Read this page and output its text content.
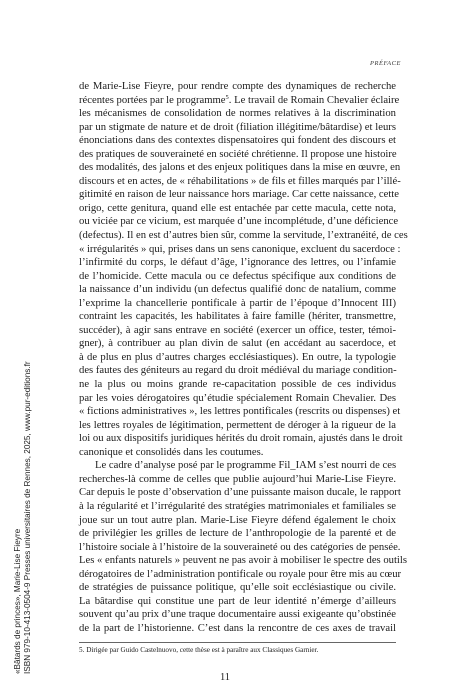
PRÉFACE
de Marie-Lise Fieyre, pour rendre compte des dynamiques de recherche
récentes portées par le programme$^5$. Le travail de Romain Chevalier éclaire
les mécanismes de consolidation de normes relatives à la discrimination
par un stigmate de nature et de droit (filiation illégitime/bâtardise) et leurs
énonciations dans des contextes dispensatoires qui fondent des discours et
des pratiques de souveraineté en société chrétienne. Il propose une histoire
des modalités, des jalons et des enjeux politiques dans la mise en œuvre, en
discours et en actes, de « réhabilitations » de fils et filles marqués par l’illé-
gitimité en raison de leur naissance hors mariage. Car cette naissance, cette
origo, cette genitura, quand elle est entachée par cette macula, cette nota,
ou viciée par ce vicium, est marquée d’une incomplétude, d’une déficience
(defectus). Il en est d’autres bien sûr, comme la servitude, l’extranéité, de ces
« irrégularités » qui, prises dans un sens canonique, excluent du sacerdoce :
l’infirmité du corps, le défaut d’âge, l’ignorance des lettres, ou l’infamie
de l’homicide. Cette macula ou ce defectus spécifique aux conditions de
la naissance d’un individu (un defectus qualifié donc de natalium, comme
l’exprime la chancellerie pontificale à partir de l’époque d’Innocent III)
contraint les capacités, les habilitates à faire famille (hériter, transmettre,
succéder), à agir sans entrave en société (exercer un office, tester, témoi-
gner), à contribuer au plan divin de salut (en accédant au sacerdoce, et
à de plus en plus d’autres charges ecclésiastiques). En outre, la typologie
des fautes des géniteurs au regard du droit médiéval du mariage condition-
ne la plus ou moins grande re-capacitation possible de ces individus
par les voies dérogatoires qu’étudie spécialement Romain Chevalier. Des
« fictions administratives », les lettres pontificales (rescrits ou dispenses) et
les lettres royales de légitimation, permettent de déroger à la rigueur de la
loi ou aux dispositifs juridiques hérités du droit romain, ajustés dans le droit
canonique et consolidés dans les coutumes.
Le cadre d’analyse posé par le programme Fil_IAM s’est nourri de ces
recherches-là comme de celles que publie aujourd’hui Marie-Lise Fieyre.
Car depuis le poste d’observation d’une puissante maison ducale, le rapport
à la régularité et l’irrégularité des stratégies matrimoniales et familiales se
joue sur un tout autre plan. Marie-Lise Fieyre défend également le choix
de privilégier les grilles de lecture de l’anthropologie de la parenté et de
l’histoire sociale à l’histoire de la souveraineté ou des catégories de pensée.
Les « enfants naturels » peuvent ne pas avoir à mobiliser le spectre des outils
dérogatoires de l’administration pontificale ou royale pour être mis au cœur
de stratégies de puissance politique, qu’elle soit ecclésiastique ou civile.
La bâtardise qui constitue une part de leur identité n’émerge d’ailleurs
souvent qu’au prix d’une traque documentaire aussi exigeante qu’obstinée
de la part de l’historienne. C’est dans la rencontre de ces axes de travail
5. Dirigée par Guido Castelnuovo, cette thèse est à paraître aux Classiques Garnier.
11
«Bâtards de princes», Marie-Lise Fieyre ISBN 979-10-413-0504-9 Presses universitaires de Rennes, 2025, www.pur-editions.fr
